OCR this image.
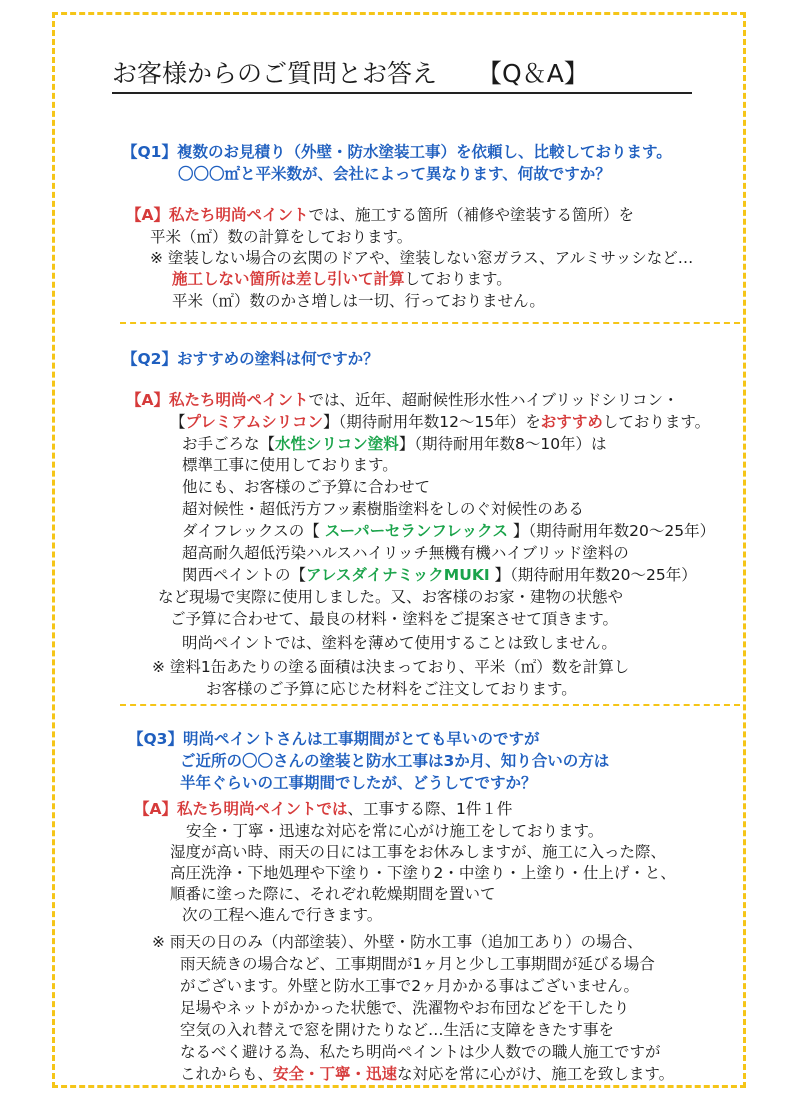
お客様からのご質問とお答え 【Q＆A】
【Q1】複数のお見積り（外壁・防水塗装工事）を依頼し、比較しております。
〇〇〇㎡と平米数が、会社によって異なります、何故ですか？
【A】私たち明尚ペイントでは、施工する箇所（補修や塗装する箇所）を
平米（㎡）数の計算をしております。
※ 塗装しない場合の玄関のドアや、塗装しない窓ガラス、アルミサッシなど…
施工しない箇所は差し引いて計算しております。
平米（㎡）数のかさ増しは一切、行っておりません。
【Q2】おすすめの塗料は何ですか？
【A】私たち明尚ペイントでは、近年、超耐候性形水性ハイブリッドシリコン・
【プレミアムシリコン】（期待耐用年数12～15年）をおすすめしております。
お手ごろな【水性シリコン塗料】（期待耐用年数8～10年）は
標準工事に使用しております。
他にも、お客様のご予算に合わせて
超対候性・超低汚方フッ素樹脂塗料をしのぐ対候性のある
ダイフレックスの【 スーパーセランフレックス 】（期待耐用年数20～25年）
超高耐久超低汚染ハルスハイリッチ無機有機ハイブリッド塗料の
関西ペイントの【アレスダイナミックMUKI 】（期待耐用年数20～25年）
など現場で実際に使用しました。又、お客様のお家・建物の状態や
ご予算に合わせて、最良の材料・塗料をご提案させて頂きます。
明尚ペイントでは、塗料を薄めて使用することは致しません。
※ 塗料1缶あたりの塗る面積は決まっており、平米（㎡）数を計算し
お客様のご予算に応じた材料をご注文しております。
【Q3】明尚ペイントさんは工事期間がとても早いのですが
ご近所の〇〇さんの塗装と防水工事は3か月、知り合いの方は
半年ぐらいの工事期間でしたが、どうしてですか？
【A】私たち明尚ペイントでは、工事する際、1件１件
安全・丁寧・迅速な対応を常に心がけ施工をしております。
湿度が高い時、雨天の日には工事をお休みしますが、施工に入った際、
高圧洗浄・下地処理や下塗り・下塗り2・中塗り・上塗り・仕上げ・と、
順番に塗った際に、それぞれ乾燥期間を置いて
次の工程へ進んで行きます。
※ 雨天の日のみ（内部塗装）、外壁・防水工事（追加工あり）の場合、
雨天続きの場合など、工事期間が1ヶ月と少し工事期間が延びる場合
がございます。外壁と防水工事で2ヶ月かかる事はございません。
足場やネットがかかった状態で、洗濯物やお布団などを干したり
空気の入れ替えで窓を開けたりなど…生活に支障をきたす事を
なるべく避ける為、私たち明尚ペイントは少人数での職人施工ですが
これからも、安全・丁寧・迅速な対応を常に心がけ、施工を致します。
